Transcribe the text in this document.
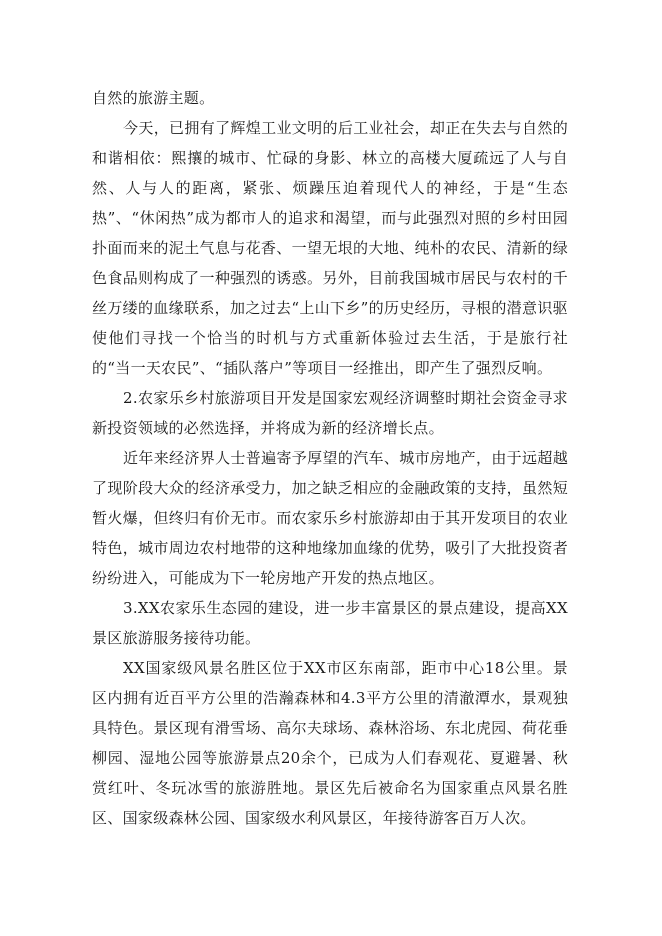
自然的旅游主题。

今天，已拥有了辉煌工业文明的后工业社会，却正在失去与自然的和谐相依：熙攘的城市、忙碌的身影、林立的高楼大厦疏远了人与自然、人与人的距离，紧张、烦躁压迫着现代人的神经，于是“生态热”、“休闲热”成为都市人的追求和渴望，而与此强烈对照的乡村田园扑面而来的泥土气息与花香、一望无垠的大地、纯朴的农民、清新的绿色食品则构成了一种强烈的诱惑。另外，目前我国城市居民与农村的千丝万缕的血缘联系，加之过去“上山下乡”的历史经历，寻根的潜意识驱使他们寻找一个恰当的时机与方式重新体验过去生活，于是旅行社的“当一天农民”、“插队落户”等项目一经推出，即产生了强烈反响。

2.农家乐乡村旅游项目开发是国家宏观经济调整时期社会资金寻求新投资领域的必然选择，并将成为新的经济增长点。

近年来经济界人士普遍寄予厚望的汽车、城市房地产，由于远超越了现阶段大众的经济承受力，加之缺乏相应的金融政策的支持，虽然短暂火爆，但终归有价无市。而农家乐乡村旅游却由于其开发项目的农业特色，城市周边农村地带的这种地缘加血缘的优势，吸引了大批投资者纷纷进入，可能成为下一轮房地产开发的热点地区。

3.XX农家乐生态园的建设，进一步丰富景区的景点建设，提高XX景区旅游服务接待功能。

XX国家级风景名胜区位于XX市区东南部，距市中心18公里。景区内拥有近百平方公里的浩瀚森林和4.3平方公里的清澈潭水，景观独具特色。景区现有滑雪场、高尔夫球场、森林浴场、东北虎园、荷花垂柳园、湿地公园等旅游景点20余个，已成为人们春观花、夏避暑、秋赏红叶、冬玩冰雪的旅游胜地。景区先后被命名为国家重点风景名胜区、国家级森林公园、国家级水利风景区，年接待游客百万人次。
